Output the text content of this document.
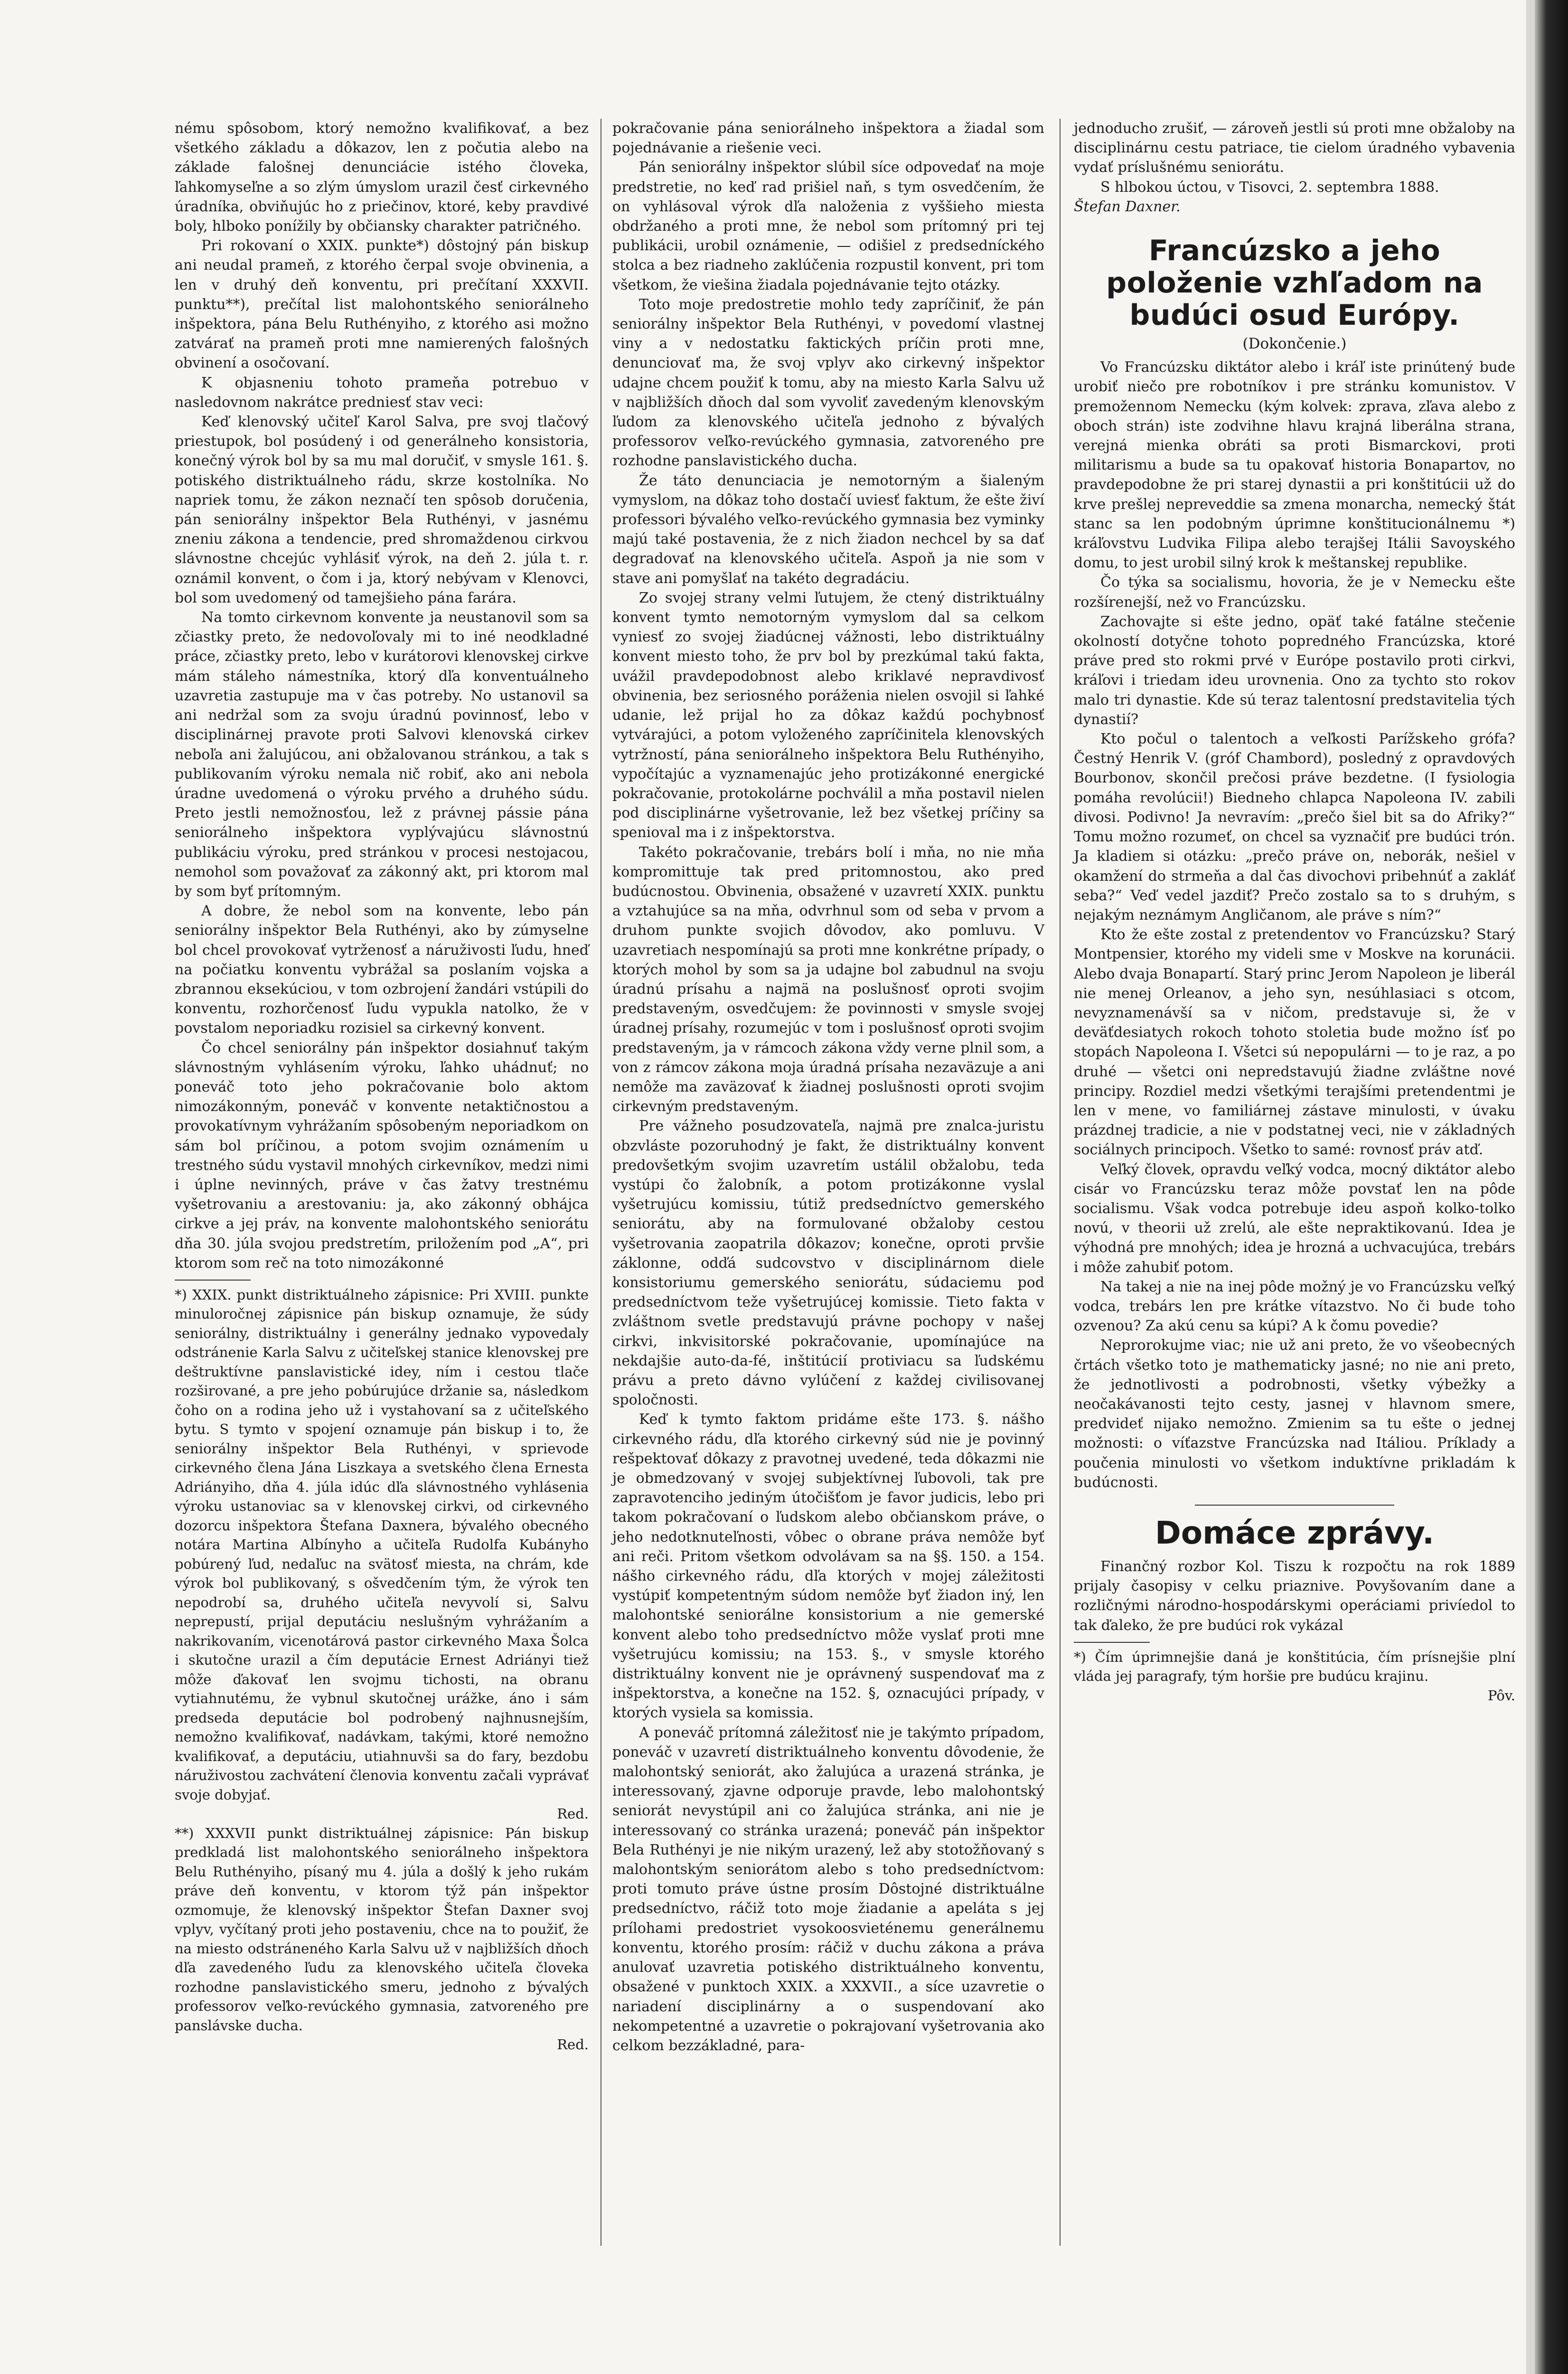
nému spôsobom, ktorý nemožno kvalifikovať, a bez všetkého základu a dôkazov, len z počutia alebo na základe falošnej denunciácie istého človeka, ľahkomyseľne a so zlým úmyslom urazil česť cirkevného úradníka, obviňujúc ho z priečinov, ktoré, keby pravdivé boly, hlboko ponížily by občiansky charakter patričného.

Pri rokovaní o XXIX. punkte*) dôstojný pán biskup ani neudal prameň, z ktorého čerpal svoje obvinenia, a len v druhý deň konventu, pri prečítaní XXXVII. punktu**), prečítal list malohontského seniorálneho inšpektora, pána Belu Ruthényiho, z ktorého asi možno zatvárať na prameň proti mne namierených falošných obvinení a osočovaní.

K objasneniu tohoto prameňa potrebuo v nasledovnom nakrátce predniesť stav veci:

Keď klenovský učiteľ Karol Salva, pre svoj tlačový priestupok, bol posúdený i od generálneho konsistoria, konečný výrok bol by sa mu mal doručiť, v smysle 161. §. potiského distriktuálneho rádu, skrze kostolníka. No napriek tomu, že zákon neznačí ten spôsob doručenia, pán seniorálny inšpektor Bela Ruthényi, v jasnému zneniu zákona a tendencie, pred shromaždenou cirkvou slávnostne chcejúc vyhlásiť výrok, na deň 2. júla t. r. oznámil konvent, o čom i ja, ktorý nebývam v Klenovci, bol som uvedomený od tamejšieho pána farára.

Na tomto cirkevnom konvente ja neustanovil som sa zčiastky preto, že nedovoľovaly mi to iné neodkladné práce, zčiastky preto, lebo v kurátorovi klenovskej cirkve mám stáleho námestníka, ktorý dľa konventuálneho uzavretia zastupuje ma v čas potreby. No ustanovil sa ani nedržal som za svoju úradnú povinnosť, lebo v disciplinárnej pravote proti Salvovi klenovská cirkev neboľa ani žalujúcou, ani obžalovanou stránkou, a tak s publikovaním výroku nemala nič robiť, ako ani nebola úradne uvedomená o výroku prvého a druhého súdu. Preto jestli nemožnosťou, lež z právnej pássie pána seniorálneho inšpektora vyplývajúcu slávnostnú publikáciu výroku, pred stránkou v procesi nestojacou, nemohol som považovať za zákonný akt, pri ktorom mal by som byť prítomným.

A dobre, že nebol som na konvente, lebo pán seniorálny inšpektor Bela Ruthényi, ako by zúmyselne bol chcel provokovať vytrženosť a náruživosti ľudu, hneď na počiatku konventu vybrážal sa poslaním vojska a zbrannou eksekúciou, v tom ozbrojení žandári vstúpili do konventu, rozhorčenosť ľudu vypukla natolko, že v povstalom neporiadku rozisiel sa cirkevný konvent.

Čo chcel seniorálny pán inšpektor dosiahnuť takým slávnostným vyhlásením výroku, ľahko uhádnuť; no poneváč toto jeho pokračovanie bolo aktom nimozákonným, poneváč v konvente netaktičnostou a provokatívnym vyhrážaním spôsobeným neporiadkom on sám bol príčinou, a potom svojim oznámením u trestného súdu vystavil mnohých cirkevníkov, medzi nimi i úplne nevinných, práve v čas žatvy trestnému vyšetrovaniu a arestovaniu: ja, ako zákonný obhájca cirkve a jej práv, na konvente malohontského seniorátu dňa 30. júla svojou predstretím, priložením pod „A“, pri ktorom som reč na toto nimozákonné

*) XXIX. punkt distriktuálneho zápisnice: Pri XVIII. punkte minuloročnej zápisnice pán biskup oznamuje, že súdy seniorálny, distriktuálny i generálny jednako vypovedaly odstránenie Karla Salvu z učiteľskej stanice klenovskej pre deštruktívne panslavistické idey, ním i cestou tlače rozširované, a pre jeho pobúrujúce držanie sa, následkom čoho on a rodina jeho už i vystahovaní sa z učiteľského bytu. S tymto v spojení oznamuje pán biskup i to, že seniorálny inšpektor Bela Ruthényi, v sprievode cirkevného člena Jána Liszkaya a svetského člena Ernesta Adriányiho, dňa 4. júla idúc dľa slávnostného vyhlásenia výroku ustanoviac sa v klenovskej cirkvi, od cirkevného dozorcu inšpektora Štefana Daxnera, bývalého obecného notára Martina Albínyho a učiteľa Rudolfa Kubányho pobúrený ľud, nedaľuc na svätosť miesta, na chrám, kde výrok bol publikovaný, s ošvedčením tým, že výrok ten nepodrobí sa, druhého učiteľa nevyvolí si, Salvu neprepustí, prijal deputáciu neslušným vyhrážaním a nakrikovaním, vicenotárová pastor cirkevného Maxa Šolca i skutočne urazil a čím deputácie Ernest Adriányi tiež môže ďakovať len svojmu tichosti, na obranu vytiahnutému, že vybnul skutočnej urážke, áno i sám predseda deputácie bol podrobený najhnusnejším, nemožno kvalifikovať, nadávkam, takými, ktoré nemožno kvalifikovať, a deputáciu, utiahnuvši sa do fary, bezdobu náruživostou zachvátení členovia konventu začali vyprávať svoje dobyjať.

Red.

**) XXXVII punkt distriktuálnej zápisnice: Pán biskup predkladá list malohontského seniorálneho inšpektora Belu Ruthényiho, písaný mu 4. júla a došlý k jeho rukám práve deň konventu, v ktorom týž pán inšpektor ozmomuje, že klenovský inšpektor Štefan Daxner svoj vplyv, vyčítaný proti jeho postaveniu, chce na to použiť, že na miesto odstráneného Karla Salvu už v najbližších dňoch dľa zavedeného ľudu za klenovského učiteľa človeka rozhodne panslavistického smeru, jednoho z bývalých professorov veľko-revúckého gymnasia, zatvoreného pre panslávske ducha.

Red.

pokračovanie pána seniorálneho inšpektora a žiadal som pojednávanie a riešenie veci.

Pán seniorálny inšpektor slúbil síce odpovedať na moje predstretie, no keď rad prišiel naň, s tym osvedčením, že on vyhlásoval výrok dľa naloženia z vyššieho miesta obdržaného a proti mne, že nebol som prítomný pri tej publikácii, urobil oznámenie, — odišiel z predsedníckého stolca a bez riadneho zaklúčenia rozpustil konvent, pri tom všetkom, že viešina žiadala pojednávanie tejto otázky.

Toto moje predostretie mohlo tedy zapríčiniť, že pán seniorálny inšpektor Bela Ruthényi, v povedomí vlastnej viny a v nedostatku faktických príčin proti mne, denunciovať ma, že svoj vplyv ako cirkevný inšpektor udajne chcem použiť k tomu, aby na miesto Karla Salvu už v najbližších dňoch dal som vyvoliť zavedeným klenovským ľudom za klenovského učiteľa jednoho z bývalých professorov veľko-revúckého gymnasia, zatvoreného pre rozhodne panslavistického ducha.

Že táto denunciacia je nemotorným a šialeným vymyslom, na dôkaz toho dostačí uviesť faktum, že ešte živí professori bývalého veľko-revúckého gymnasia bez vyminky majú také postavenia, že z nich žiadon nechcel by sa dať degradovať na klenovského učiteľa. Aspoň ja nie som v stave ani pomyšlať na takéto degradáciu.

Zo svojej strany velmi ľutujem, že ctený distriktuálny konvent tymto nemotorným vymyslom dal sa celkom vyniesť zo svojej žiadúcnej vážnosti, lebo distriktuálny konvent miesto toho, že prv bol by prezkúmal takú fakta, uvážil pravdepodobnost alebo kriklavé nepravdivosť obvinenia, bez seriosného poráženia nielen osvojil si ľahké udanie, lež prijal ho za dôkaz každú pochybnosť vytvárajúci, a potom vyloženého zapríčinitela klenovských vytržností, pána seniorálneho inšpektora Belu Ruthényiho, vypočítajúc a vyznamenajúc jeho protizákonné energické pokračovanie, protokolárne pochválil a mňa postavil nielen pod disciplinárne vyšetrovanie, lež bez všetkej príčiny sa spenioval ma i z inšpektorstva.

Takéto pokračovanie, trebárs bolí i mňa, no nie mňa kompromittuje tak pred pritomnostou, ako pred budúcnostou. Obvinenia, obsažené v uzavretí XXIX. punktu a vztahujúce sa na mňa, odvrhnul som od seba v prvom a druhom punkte svojich dôvodov, ako pomluvu. V uzavretiach nespomínajú sa proti mne konkrétne prípady, o ktorých mohol by som sa ja udajne bol zabudnul na svoju úradnú prísahu a najmä na poslušnosť oproti svojim predstaveným, osvedčujem: že povinnosti v smysle svojej úradnej prísahy, rozumejúc v tom i poslušnosť oproti svojim predstaveným, ja v rámcoch zákona vždy verne plnil som, a von z rámcov zákona moja úradná prísaha nezaväzuje a ani nemôže ma zaväzovať k žiadnej poslušnosti oproti svojim cirkevným predstaveným.

Pre vážneho posudzovateľa, najmä pre znalca-juristu obzvláste pozoruhodný je fakt, že distriktuálny konvent predovšetkým svojim uzavretím ustálil obžalobu, teda vystúpi čo žalobník, a potom protizákonne vyslal vyšetrujúcu komissiu, tútiž predsedníctvo gemerského seniorátu, aby na formulované obžaloby cestou vyšetrovania zaopatrila dôkazov; konečne, oproti prvšie záklonne, odďá sudcovstvo v disciplinárnom diele konsistoriumu gemerského seniorátu, súdaciemu pod predsedníctvom teže vyšetrujúcej komissie. Tieto fakta v zvláštnom svetle predstavujú právne pochopy v našej cirkvi, inkvisitorské pokračovanie, upomínajúce na nekdajšie auto-da-fé, inštitúcií protiviacu sa ľudskému právu a preto dávno vylúčení z každej civilisovanej spoločnosti.

Keď k tymto faktom pridáme ešte 173. §. nášho cirkevného rádu, dľa ktorého cirkevný súd nie je povinný rešpektovať dôkazy z pravotnej uvedené, teda dôkazmi nie je obmedzovaný v svojej subjektívnej ľubovoli, tak pre zapravotenciho jediným útočišťom je favor judicis, lebo pri takom pokračovaní o ľudskom alebo občianskom práve, o jeho nedotknuteľnosti, vôbec o obrane práva nemôže byť ani reči. Pritom všetkom odvolávam sa na §§. 150. a 154. nášho cirkevného rádu, dľa ktorých v mojej záležitosti vystúpiť kompetentným súdom nemôže byť žiadon iný, len malohontské seniorálne konsistorium a nie gemerské konvent alebo toho predsedníctvo môže vyslať proti mne vyšetrujúcu komissiu; na 153. §., v smysle ktorého distriktuálny konvent nie je oprávnený suspendovať ma z inšpektorstva, a konečne na 152. §, oznacujúci prípady, v ktorých vysiela sa komissia.

A poneváč prítomná záležitosť nie je takýmto prípadom, poneváč v uzavretí distriktuálneho konventu dôvodenie, že malohontský seniorát, ako žalujúca a urazená stránka, je interessovaný, zjavne odporuje pravde, lebo malohontský seniorát nevystúpil ani co žalujúca stránka, ani nie je interessovaný co stránka urazená; poneváč pán inšpektor Bela Ruthényi je nie nikým urazený, lež aby stotožňovaný s malohontským seniorátom alebo s toho predsedníctvom: proti tomuto práve ústne prosím Dôstojné distriktuálne predsedníctvo, ráčiž toto moje žiadanie a apeláta s jej prílohami predostriet vysokoosvieténemu generálnemu konventu, ktorého prosím: ráčiž v duchu zákona a práva anulovať uzavretia potiského distriktuálneho konventu, obsažené v punktoch XXIX. a XXXVII., a síce uzavretie o nariadení disciplinárny a o suspendovaní ako nekompetentné a uzavretie o pokrajovaní vyšetrovania ako celkom bezzákladné, para-

jednoducho zrušiť, — zároveň jestli sú proti mne obžaloby na disciplinárnu cestu patriace, tie cielom úradného vybavenia vydať príslušnému seniorátu.

S hlbokou úctou, v Tisovci, 2. septembra 1888.

Štefan Daxner.

Francúzsko a jeho položenie vzhľadom na budúci osud Európy.
(Dokončenie.)

Vo Francúzsku diktátor alebo i kráľ iste prinútený bude urobiť niečo pre robotníkov i pre stránku komunistov. V premožennom Nemecku (kým kolvek: zprava, zľava alebo z oboch strán) iste zodvihne hlavu krajná liberálna strana, verejná mienka obráti sa proti Bismarckovi, proti militarismu a bude sa tu opakovať historia Bonapartov, no pravdepodobne že pri starej dynastii a pri konštitúcii už do krve prešlej nepreveddie sa zmena monarcha, nemecký štát stanc sa len podobným úprimne konštitucionálnemu *) kráľovstvu Ludvika Filipa alebo terajšej Itálii Savoyského domu, to jest urobil silný krok k meštanskej republike.

Čo týka sa socialismu, hovoria, že je v Nemecku ešte rozšírenejší, než vo Francúzsku.

Zachovajte si ešte jedno, opäť také fatálne stečenie okolností dotyčne tohoto popredného Francúzska, ktoré práve pred sto rokmi prvé v Európe postavilo proti cirkvi, kráľovi i triedam ideu urovnenia. Ono za tychto sto rokov malo tri dynastie. Kde sú teraz talentosní predstavitelia tých dynastií?

Kto počul o talentoch a veľkosti Parížskeho grófa? Čestný Henrik V. (gróf Chambord), posledný z opravdových Bourbonov, skončil prečosi práve bezdetne. (I fysiologia pomáha revolúcii!) Biedneho chlapca Napoleona IV. zabili divosi. Podivno! Ja nevravím: „prečo šiel bit sa do Afriky?“ Tomu možno rozumeť, on chcel sa vyznačiť pre budúci trón. Ja kladiem si otázku: „prečo práve on, neborák, nešiel v okamžení do strmeňa a dal čas divochovi pribehnúť a zakláť seba?“ Veď vedel jazdiť? Prečo zostalo sa to s druhým, s nejakým neznámym Angličanom, ale práve s ním?“

Kto že ešte zostal z pretendentov vo Francúzsku? Starý Montpensier, ktorého my videli sme v Moskve na korunácii. Alebo dvaja Bonapartí. Starý princ Jerom Napoleon je liberál nie menej Orleanov, a jeho syn, nesúhlasiaci s otcom, nevyznamenávší sa v ničom, predstavuje si, že v deväťdesiatych rokoch tohoto stoletia bude možno ísť po stopách Napoleona I. Všetci sú nepopulárni — to je raz, a po druhé — všetci oni nepredstavujú žiadne zvláštne nové principy. Rozdiel medzi všetkými terajšími pretendentmi je len v mene, vo familiárnej zástave minulosti, v úvaku prázdnej tradicie, a nie v podstatnej veci, nie v základných sociálnych principoch. Všetko to samé: rovnosť práv atď.

Veľký človek, opravdu veľký vodca, mocný diktátor alebo cisár vo Francúzsku teraz môže povstať len na pôde socialismu. Však vodca potrebuje ideu aspoň kolko-tolko novú, v theorii už zrelú, ale ešte nepraktikovanú. Idea je výhodná pre mnohých; idea je hrozná a uchvacujúca, trebárs i môže zahubiť potom.

Na takej a nie na inej pôde možný je vo Francúzsku veľký vodca, trebárs len pre krátke vítazstvo. No či bude toho ozvenou? Za akú cenu sa kúpi? A k čomu povedie?

Neprorokujme viac; nie už ani preto, že vo všeobecných črtách všetko toto je mathematicky jasné; no nie ani preto, že jednotlivosti a podrobnosti, všetky výbežky a neočakávanosti tejto cesty, jasnej v hlavnom smere, predvideť nijako nemožno. Zmienim sa tu ešte o jednej možnosti: o víťazstve Francúzska nad Itáliou. Príklady a poučenia minulosti vo všetkom induktívne prikladám k budúcnosti.

Domáce zprávy.

Finančný rozbor Kol. Tiszu k rozpočtu na rok 1889 prijaly časopisy v celku priaznive. Povyšovaním dane a rozličnými národno-hospodárskymi operáciami privíedol to tak ďaleko, že pre budúci rok vykázal

*) Čím úprimnejšie daná je konštitúcia, čím prísnejšie plní vláda jej paragrafy, tým horšie pre budúcu krajinu.

Pôv.
